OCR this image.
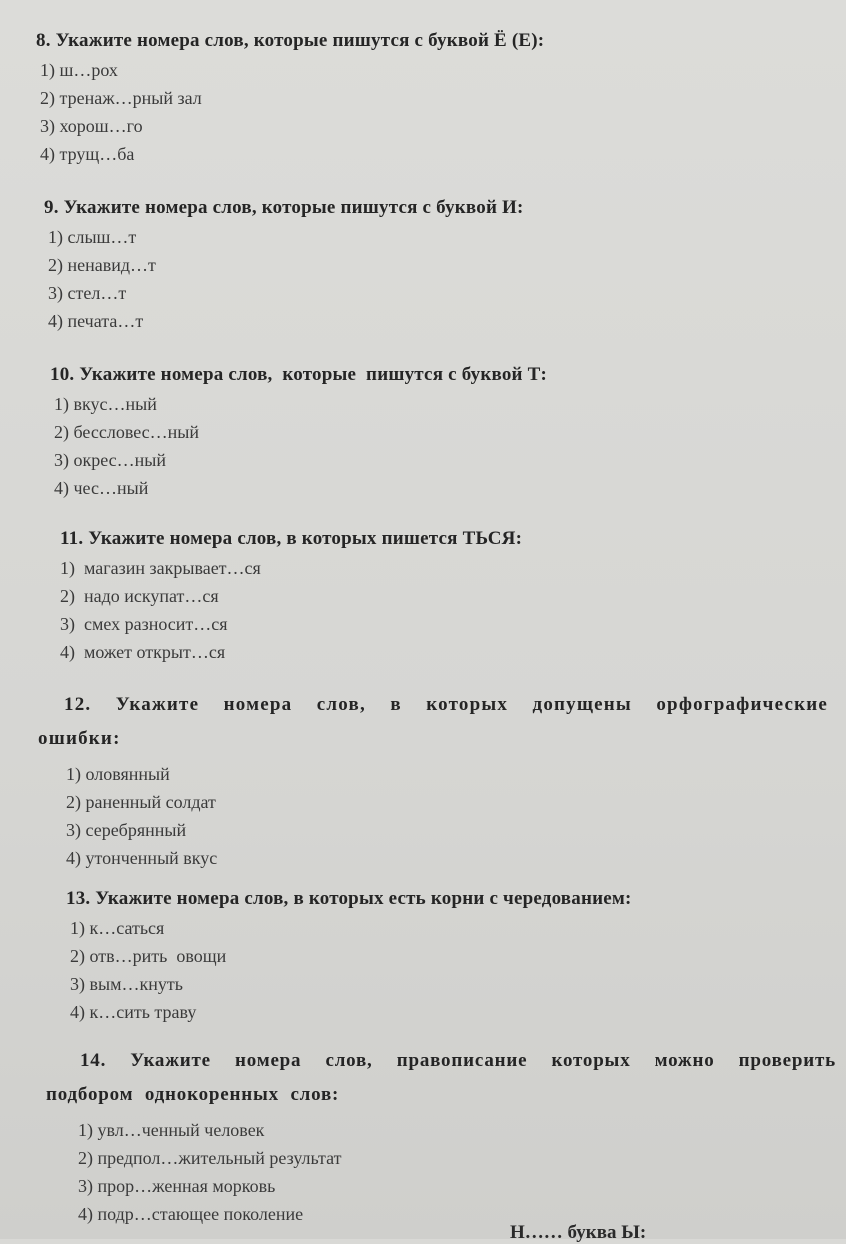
8. Укажите номера слов, которые пишутся с буквой Ё (Е):
1) ш…рох
2) тренаж…рный зал
3) хорош…го
4) трущ…ба
9. Укажите номера слов, которые пишутся с буквой И:
1) слыш…т
2) ненавид…т
3) стел…т
4) печата…т
10. Укажите номера слов,  которые  пишутся с буквой Т:
1) вкус…ный
2) бессловес…ный
3) окрес…ный
4) чес…ный
11. Укажите номера слов, в которых пишется ТЬСЯ:
1)  магазин закрывает…ся
2)  надо искупат…ся
3)  смех разносит…ся
4)  может открыт…ся
12. Укажите номера слов, в которых допущены орфографические ошибки:
1) оловянный
2) раненный солдат
3) серебрянный
4) утонченный вкус
13. Укажите номера слов, в которых есть корни с чередованием:
1) к…саться
2) отв…рить  овощи
3) вым…кнуть
4) к…сить траву
14. Укажите номера слов, правописание которых можно проверить подбором однокоренных слов:
1) увл…ченный человек
2) предпол…жительный результат
3) прор…женная морковь
4) подр…стающее поколение
Н…… буква Ы:
